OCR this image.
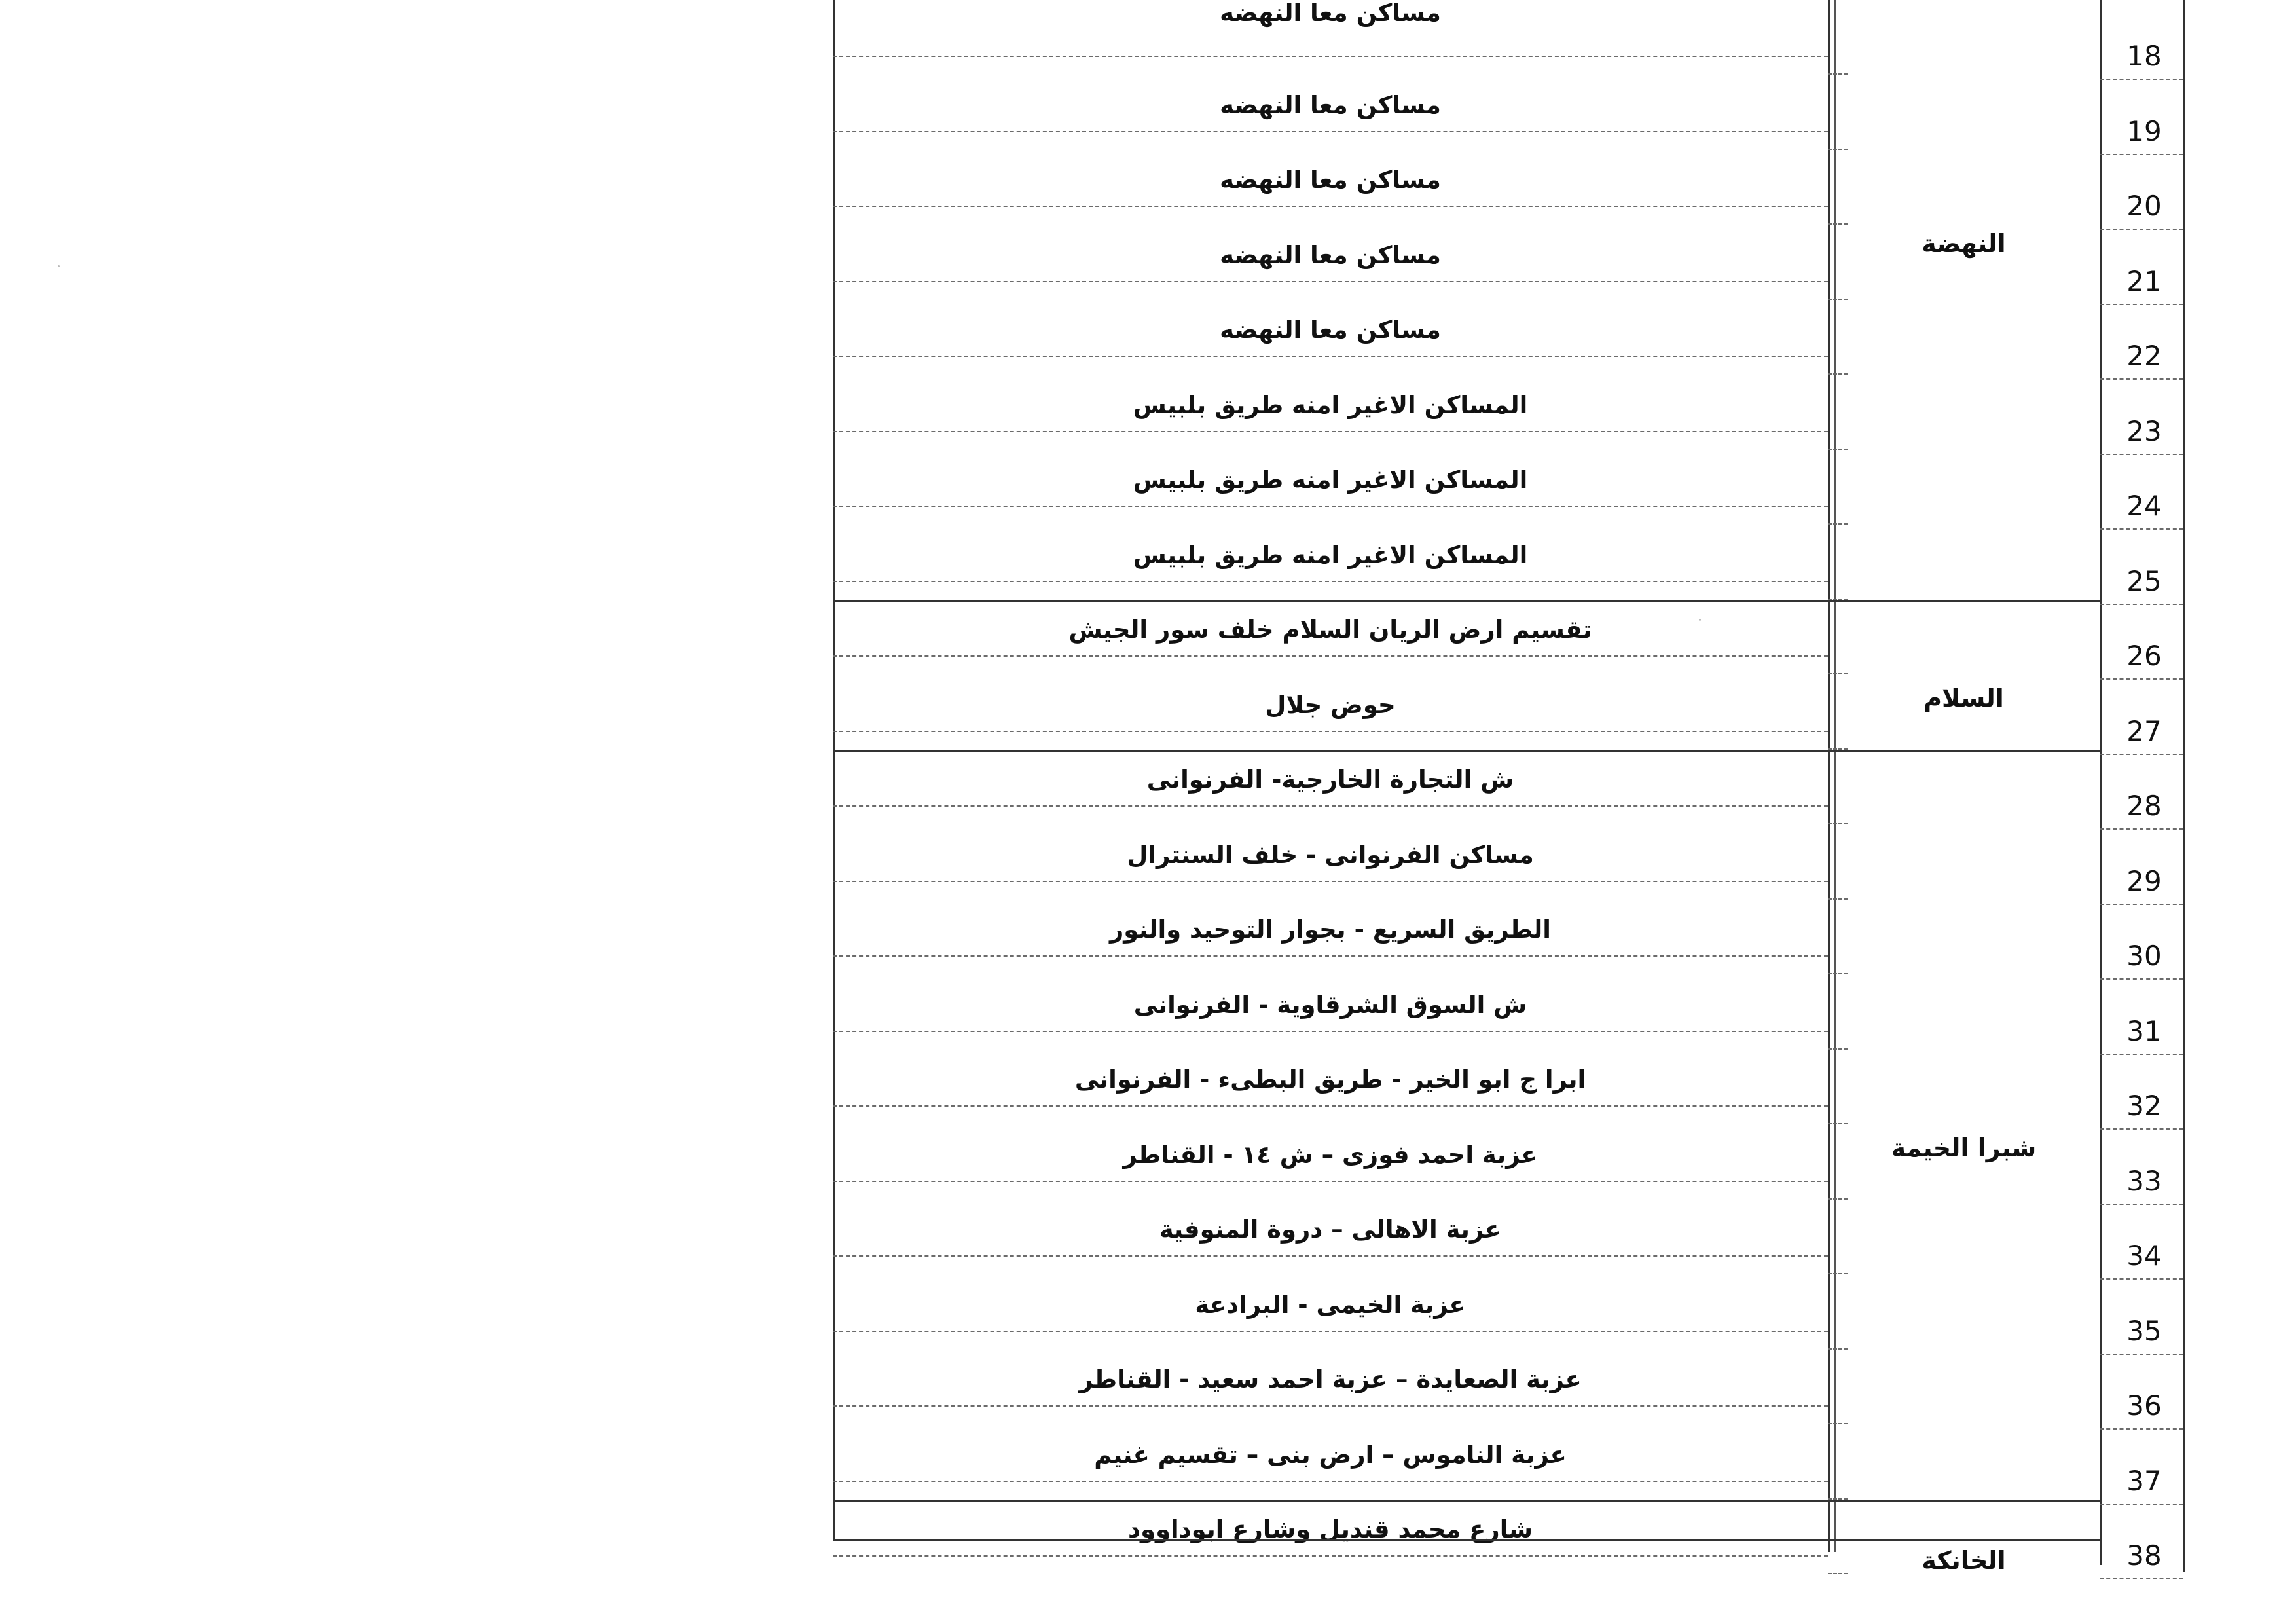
مساكن معا النهضه
18
مساكن معا النهضه
19
مساكن معا النهضه
20
مساكن معا النهضه
21
مساكن معا النهضه
22
المساكن الاغير امنه طريق بلبيس
23
المساكن الاغير امنه طريق بلبيس
24
المساكن الاغير امنه طريق بلبيس
25
تقسيم ارض الريان السلام خلف سور الجيش
26
حوض جلال
27
ش التجارة الخارجية- الفرنوانى
28
مساكن الفرنوانى - خلف السنترال
29
الطريق السريع - بجوار التوحيد والنور
30
ش السوق الشرقاوية - الفرنوانى
31
ابرا ج ابو الخير - طريق البطىء - الفرنوانى
32
عزبة احمد فوزى – ش ١٤ - القناطر
33
عزبة الاهالى – دروة المنوفية
34
عزبة الخيمى - البرادعة
35
عزبة الصعايدة – عزبة احمد سعيد - القناطر
36
عزبة الناموس – ارض بنى – تقسيم غنيم
37
شارع محمد قنديل وشارع ابوداوود
38
النهضة
السلام
شبرا الخيمة
الخانكة
